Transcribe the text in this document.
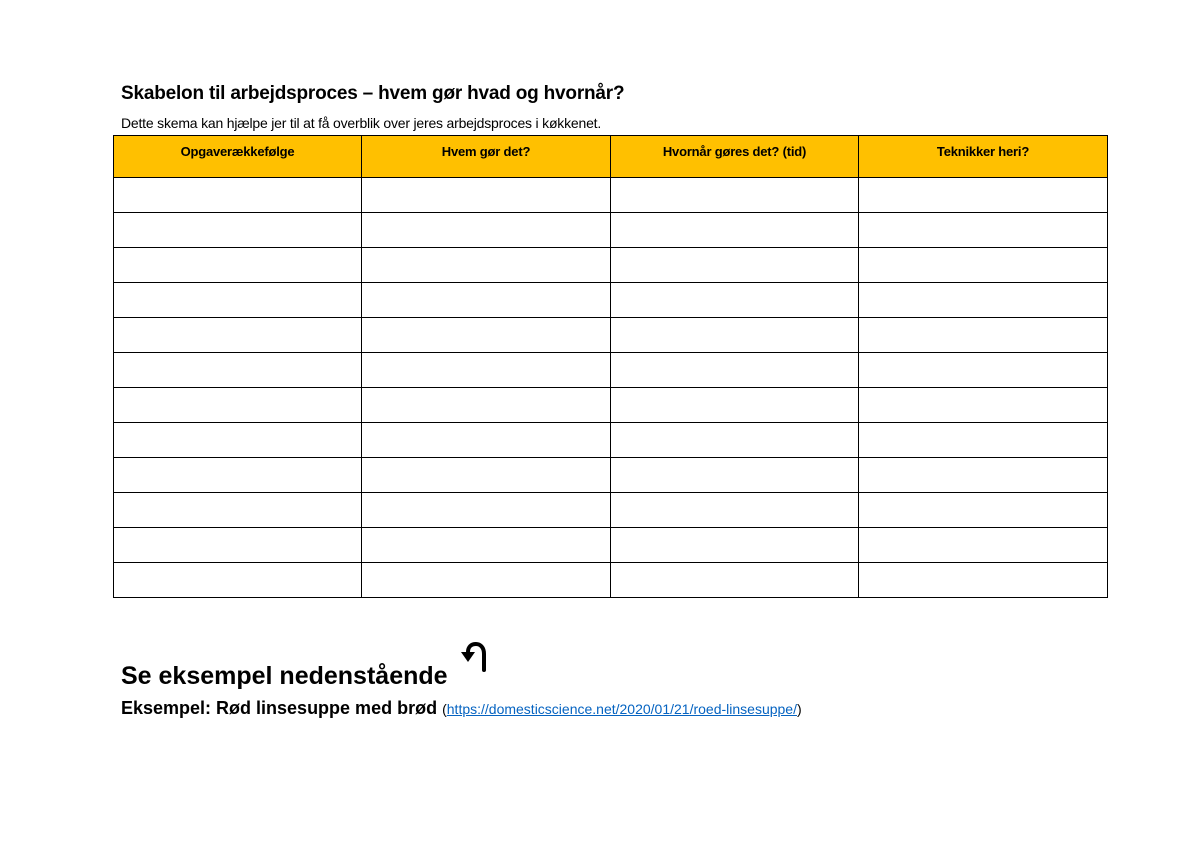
Skabelon til arbejdsproces – hvem gør hvad og hvornår?
Dette skema kan hjælpe jer til at få overblik over jeres arbejdsproces i køkkenet.
Opgaverækkefølge	Hvem gør det?	Hvornår gøres det? (tid)	Teknikker heri?

Se eksempel nedenstående
Eksempel: Rød linsesuppe med brød (https://domesticscience.net/2020/01/21/roed-linsesuppe/)
